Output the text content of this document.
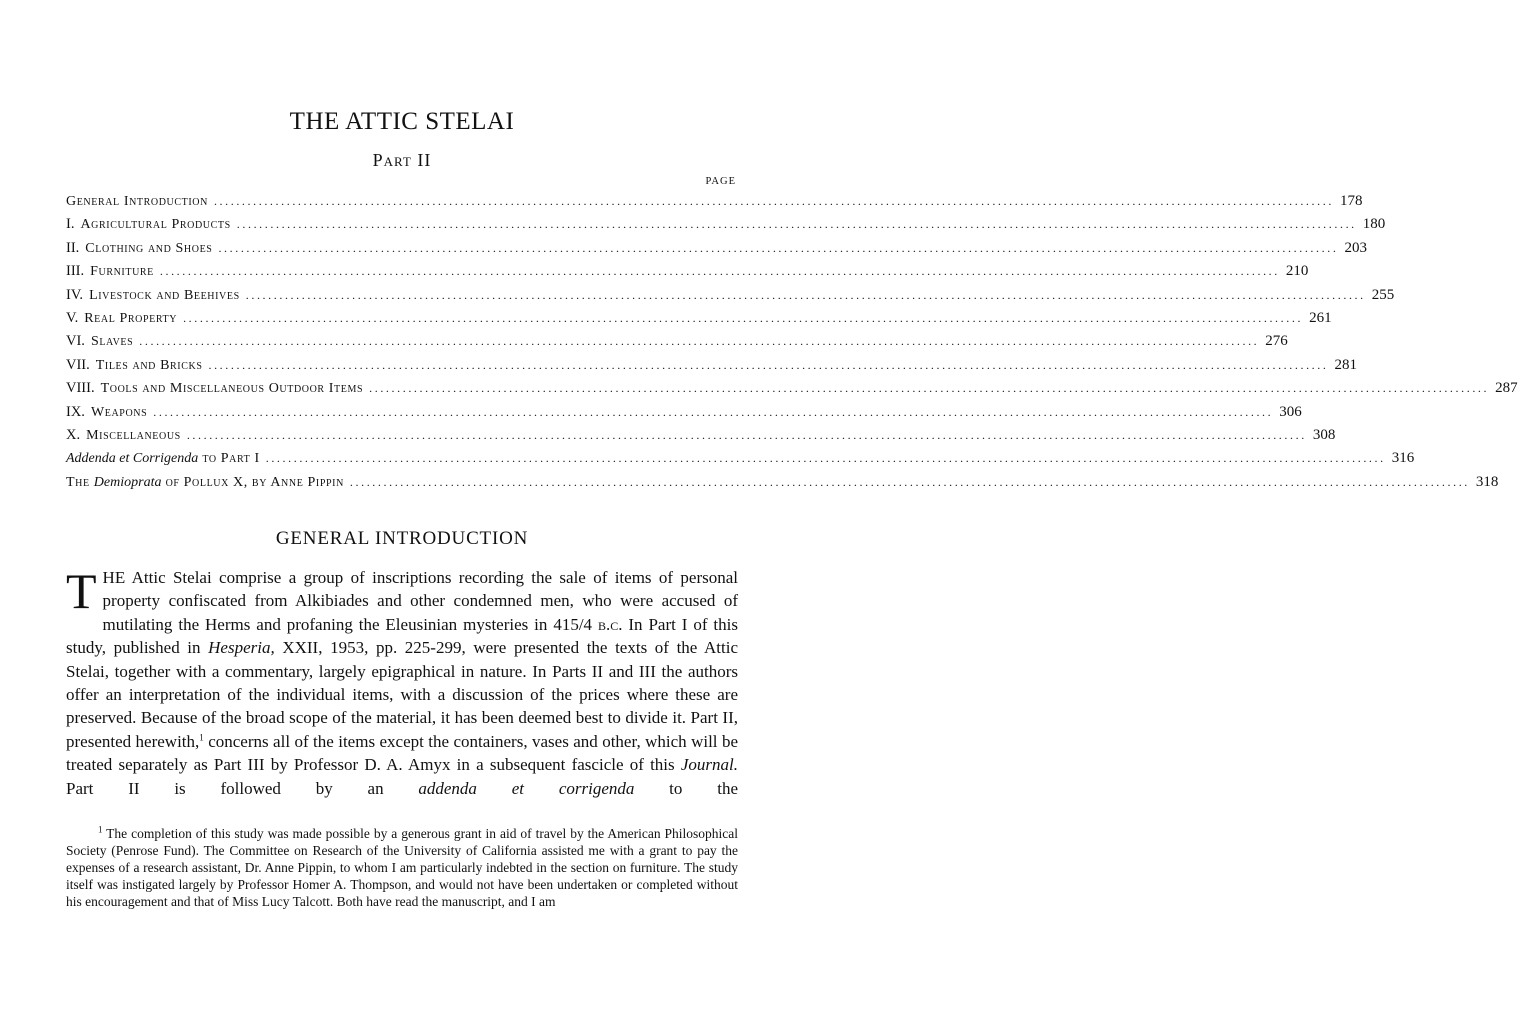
THE ATTIC STELAI
Part II
PAGE
General Introduction ........................................................................................................................................................................................................ 178
I. Agricultural Products ........................................................................................................................................................................................................ 180
II. Clothing and Shoes ........................................................................................................................................................................................................ 203
III. Furniture ........................................................................................................................................................................................................ 210
IV. Livestock and Beehives ........................................................................................................................................................................................................ 255
V. Real Property ........................................................................................................................................................................................................ 261
VI. Slaves ........................................................................................................................................................................................................ 276
VII. Tiles and Bricks ........................................................................................................................................................................................................ 281
VIII. Tools and Miscellaneous Outdoor Items ........................................................................................................................................................................................................ 287
IX. Weapons ........................................................................................................................................................................................................ 306
X. Miscellaneous ........................................................................................................................................................................................................ 308
Addenda et Corrigenda to Part I ........................................................................................................................................................................................................ 316
The Demioprata of Pollux X, by Anne Pippin ........................................................................................................................................................................................................ 318
GENERAL INTRODUCTION
THE Attic Stelai comprise a group of inscriptions recording the sale of items of personal property confiscated from Alkibiades and other condemned men, who were accused of mutilating the Herms and profaning the Eleusinian mysteries in 415/4 b.c. In Part I of this study, published in Hesperia, XXII, 1953, pp. 225-299, were presented the texts of the Attic Stelai, together with a commentary, largely epigraphical in nature. In Parts II and III the authors offer an interpretation of the individual items, with a discussion of the prices where these are preserved. Because of the broad scope of the material, it has been deemed best to divide it. Part II, presented herewith,$^1$ concerns all of the items except the containers, vases and other, which will be treated separately as Part III by Professor D. A. Amyx in a subsequent fascicle of this Journal. Part II is followed by an addenda et corrigenda to the

$^1$ The completion of this study was made possible by a generous grant in aid of travel by the American Philosophical Society (Penrose Fund). The Committee on Research of the University of California assisted me with a grant to pay the expenses of a research assistant, Dr. Anne Pippin, to whom I am particularly indebted in the section on furniture. The study itself was instigated largely by Professor Homer A. Thompson, and would not have been undertaken or completed without his encouragement and that of Miss Lucy Talcott. Both have read the manuscript, and I am
